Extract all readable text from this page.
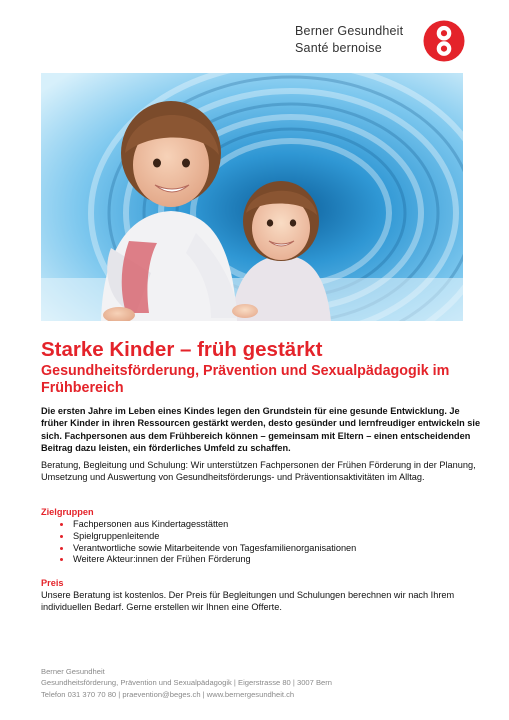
Berner Gesundheit
Santé bernoise
Starke Kinder – früh gestärkt
Gesundheitsförderung, Prävention und Sexualpädagogik im Frühbereich
Die ersten Jahre im Leben eines Kindes legen den Grundstein für eine gesunde Entwicklung. Je früher Kinder in ihren Ressourcen gestärkt werden, desto gesünder und lernfreudiger entwickeln sie sich. Fachpersonen aus dem Frühbereich können – gemeinsam mit Eltern – einen entscheidenden Beitrag dazu leisten, ein förderliches Umfeld zu schaffen.
Beratung, Begleitung und Schulung: Wir unterstützen Fachpersonen der Frühen Förderung in der Planung, Umsetzung und Auswertung von Gesundheitsförderungs- und Präventionsaktivitäten im Alltag.
Zielgruppen
Fachpersonen aus Kindertagesstätten
Spielgruppenleitende
Verantwortliche sowie Mitarbeitende von Tagesfamilienorganisationen
Weitere Akteur:innen der Frühen Förderung
Preis
Unsere Beratung ist kostenlos. Der Preis für Begleitungen und Schulungen berechnen wir nach Ihrem individuellen Bedarf. Gerne erstellen wir Ihnen eine Offerte.
Berner Gesundheit
Gesundheitsförderung, Prävention und Sexualpädagogik | Eigerstrasse 80 | 3007 Bern
Telefon 031 370 70 80 | praevention@beges.ch | www.bernergesundheit.ch
